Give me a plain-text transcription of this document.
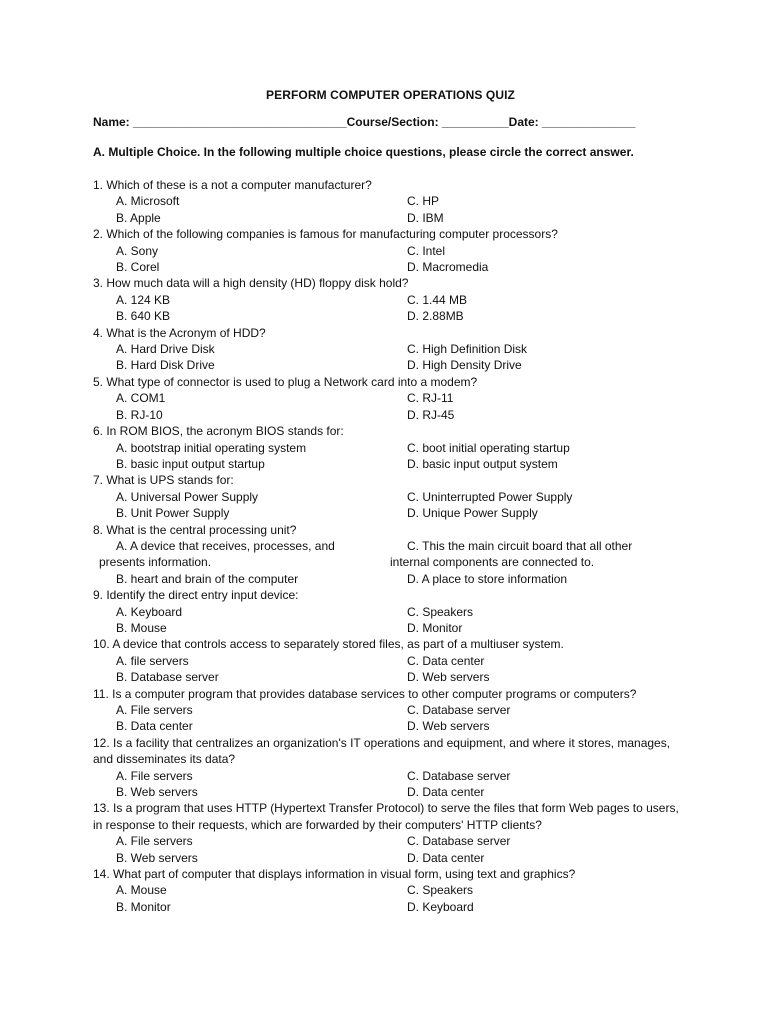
PERFORM COMPUTER OPERATIONS QUIZ
Name: ________________________________Course/Section: __________Date: ______________
A. Multiple Choice. In the following multiple choice questions, please circle the correct answer.
1. Which of these is a not a computer manufacturer?
A. Microsoft	C. HP
B. Apple	D. IBM
2. Which of the following companies is famous for manufacturing computer processors?
A. Sony	C. Intel
B. Corel	D. Macromedia
3. How much data will a high density (HD) floppy disk hold?
A. 124 KB	C. 1.44 MB
B. 640 KB	D. 2.88MB
4. What is the Acronym of HDD?
A. Hard Drive Disk	C. High Definition Disk
B. Hard Disk Drive	D. High Density Drive
5. What type of connector is used to plug a Network card into a modem?
A. COM1	C. RJ-11
B. RJ-10	D. RJ-45
6. In ROM BIOS, the acronym BIOS stands for:
A. bootstrap initial operating system	C. boot initial operating startup
B. basic input output startup	D. basic input output system
7. What is UPS stands for:
A. Universal Power Supply	C. Uninterrupted Power Supply
B. Unit Power Supply	D. Unique Power Supply
8. What is the central processing unit?
A. A device that receives, processes, and	C. This the main circuit board that all other
presents information.	internal components are connected to.
B. heart and brain of the computer	D. A place to store information
9. Identify the direct entry input device:
A. Keyboard	C. Speakers
B. Mouse	D. Monitor
10. A device that controls access to separately stored files, as part of a multiuser system.
A. file servers	C. Data center
B. Database server	D. Web servers
11. Is a computer program that provides database services to other computer programs or computers?
A. File servers	C. Database server
B. Data center	D. Web servers
12. Is a facility that centralizes an organization's IT operations and equipment, and where it stores, manages, and disseminates its data?
A. File servers	C. Database server
B. Web servers	D. Data center
13. Is a program that uses HTTP (Hypertext Transfer Protocol) to serve the files that form Web pages to users, in response to their requests, which are forwarded by their computers' HTTP clients?
A. File servers	C. Database server
B. Web servers	D. Data center
14. What part of computer that displays information in visual form, using text and graphics?
A. Mouse	C. Speakers
B. Monitor	D. Keyboard
